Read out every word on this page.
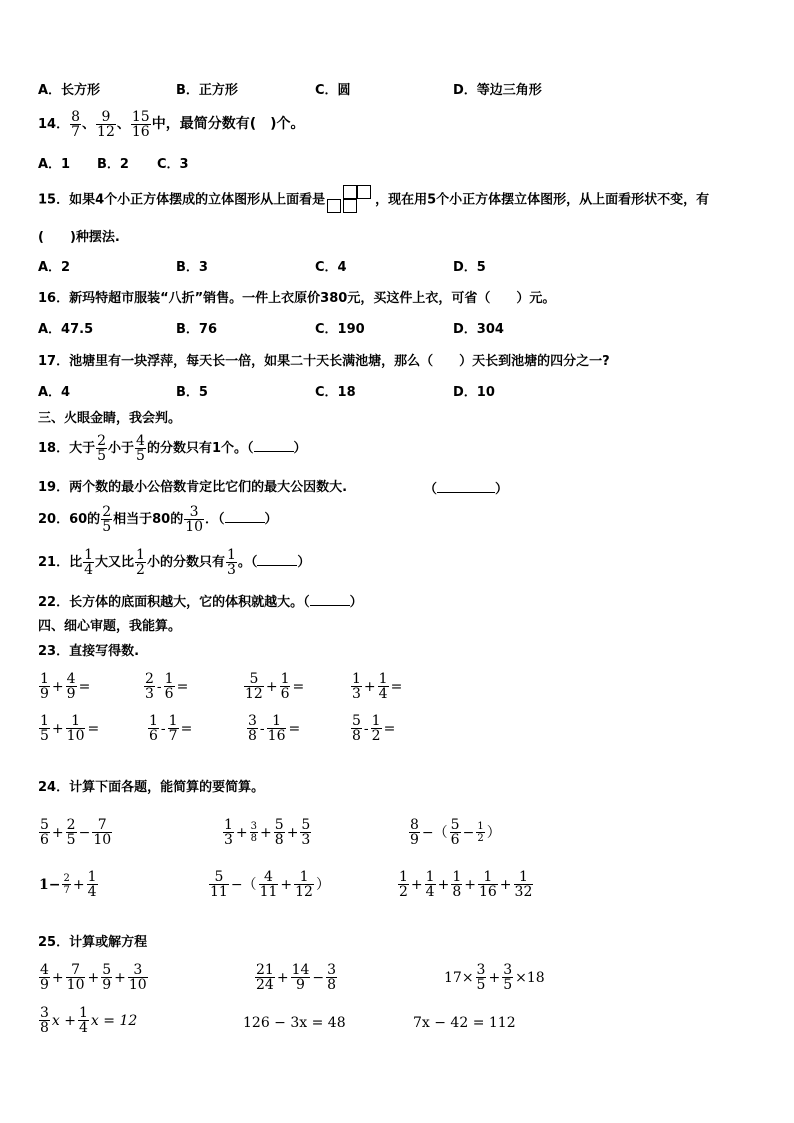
A．长方形	B．正方形	C．圆	D．等边三角形
14． $\frac{8}{7}$ 、 $\frac{9}{12}$ 、 $\frac{15}{16}$ 中，最简分数有(　)个。
A．1 B．2 C．3
15．如果4个小正方体摆成的立体图形从上面看是	，现在用5个小正方体摆立体图形，从上面看形状不变，有
(　　)种摆法.
A．2	B．3	C．4	D．5
16．新玛特超市服装“八折”销售。一件上衣原价380元，买这件上衣，可省（　　）元。
A．47.5	B．76	C．190	D．304
17．池塘里有一块浮萍，每天长一倍，如果二十天长满池塘，那么（　　）天长到池塘的四分之一?
A．4	B．5	C．18	D．10
三、火眼金睛，我会判。
18．大于 $\frac{2}{5}$ 小于 $\frac{4}{5}$ 的分数只有1个。（	）
19．两个数的最小公倍数肯定比它们的最大公因数大.	（	）
20．60的 $\frac{2}{5}$ 相当于80的 $\frac{3}{10}$ ．（	）
21．比 $\frac{1}{4}$ 大又比 $\frac{1}{2}$ 小的分数只有 $\frac{1}{3}$ 。（	）
22．长方体的底面积越大，它的体积就越大。（	）
四、细心审题，我能算。
23．直接写得数.
$\frac{1}{9} + \frac{4}{9}$ =	$\frac{2}{3} - \frac{1}{6}$ =	$\frac{5}{12} + \frac{1}{6}$ =	$\frac{1}{3} + \frac{1}{4}$ =
$\frac{1}{5} + \frac{1}{10}$ =	$\frac{1}{6} - \frac{1}{7}$ =	$\frac{3}{8} - \frac{1}{16}$ =	$\frac{5}{8} - \frac{1}{2}$ =
24．计算下面各题，能简算的要简算。
$\frac{5}{6} + \frac{2}{5} - \frac{7}{10}$	$\frac{1}{3} + \frac{3}{8} + \frac{5}{8} + \frac{5}{3}$	$\frac{8}{9}$ −（ $\frac{5}{6} - \frac{1}{2}$ ）
$1- \frac{2}{7} + \frac{1}{4}$	$\frac{5}{11}$ −（ $\frac{4}{11} + \frac{1}{12}$ ）	$\frac{1}{2} + \frac{1}{4} + \frac{1}{8} + \frac{1}{16} + \frac{1}{32}$
25．计算或解方程
$\frac{4}{9} + \frac{7}{10} + \frac{5}{9} + \frac{3}{10}$	$\frac{21}{24} + \frac{14}{9} - \frac{3}{8}$	$17\times \frac{3}{5} + \frac{3}{5} \times 18$
$\frac{3}{8}$ $x + \frac{1}{4}$ x = 12	126 − 3x = 48	7x − 42 = 112
